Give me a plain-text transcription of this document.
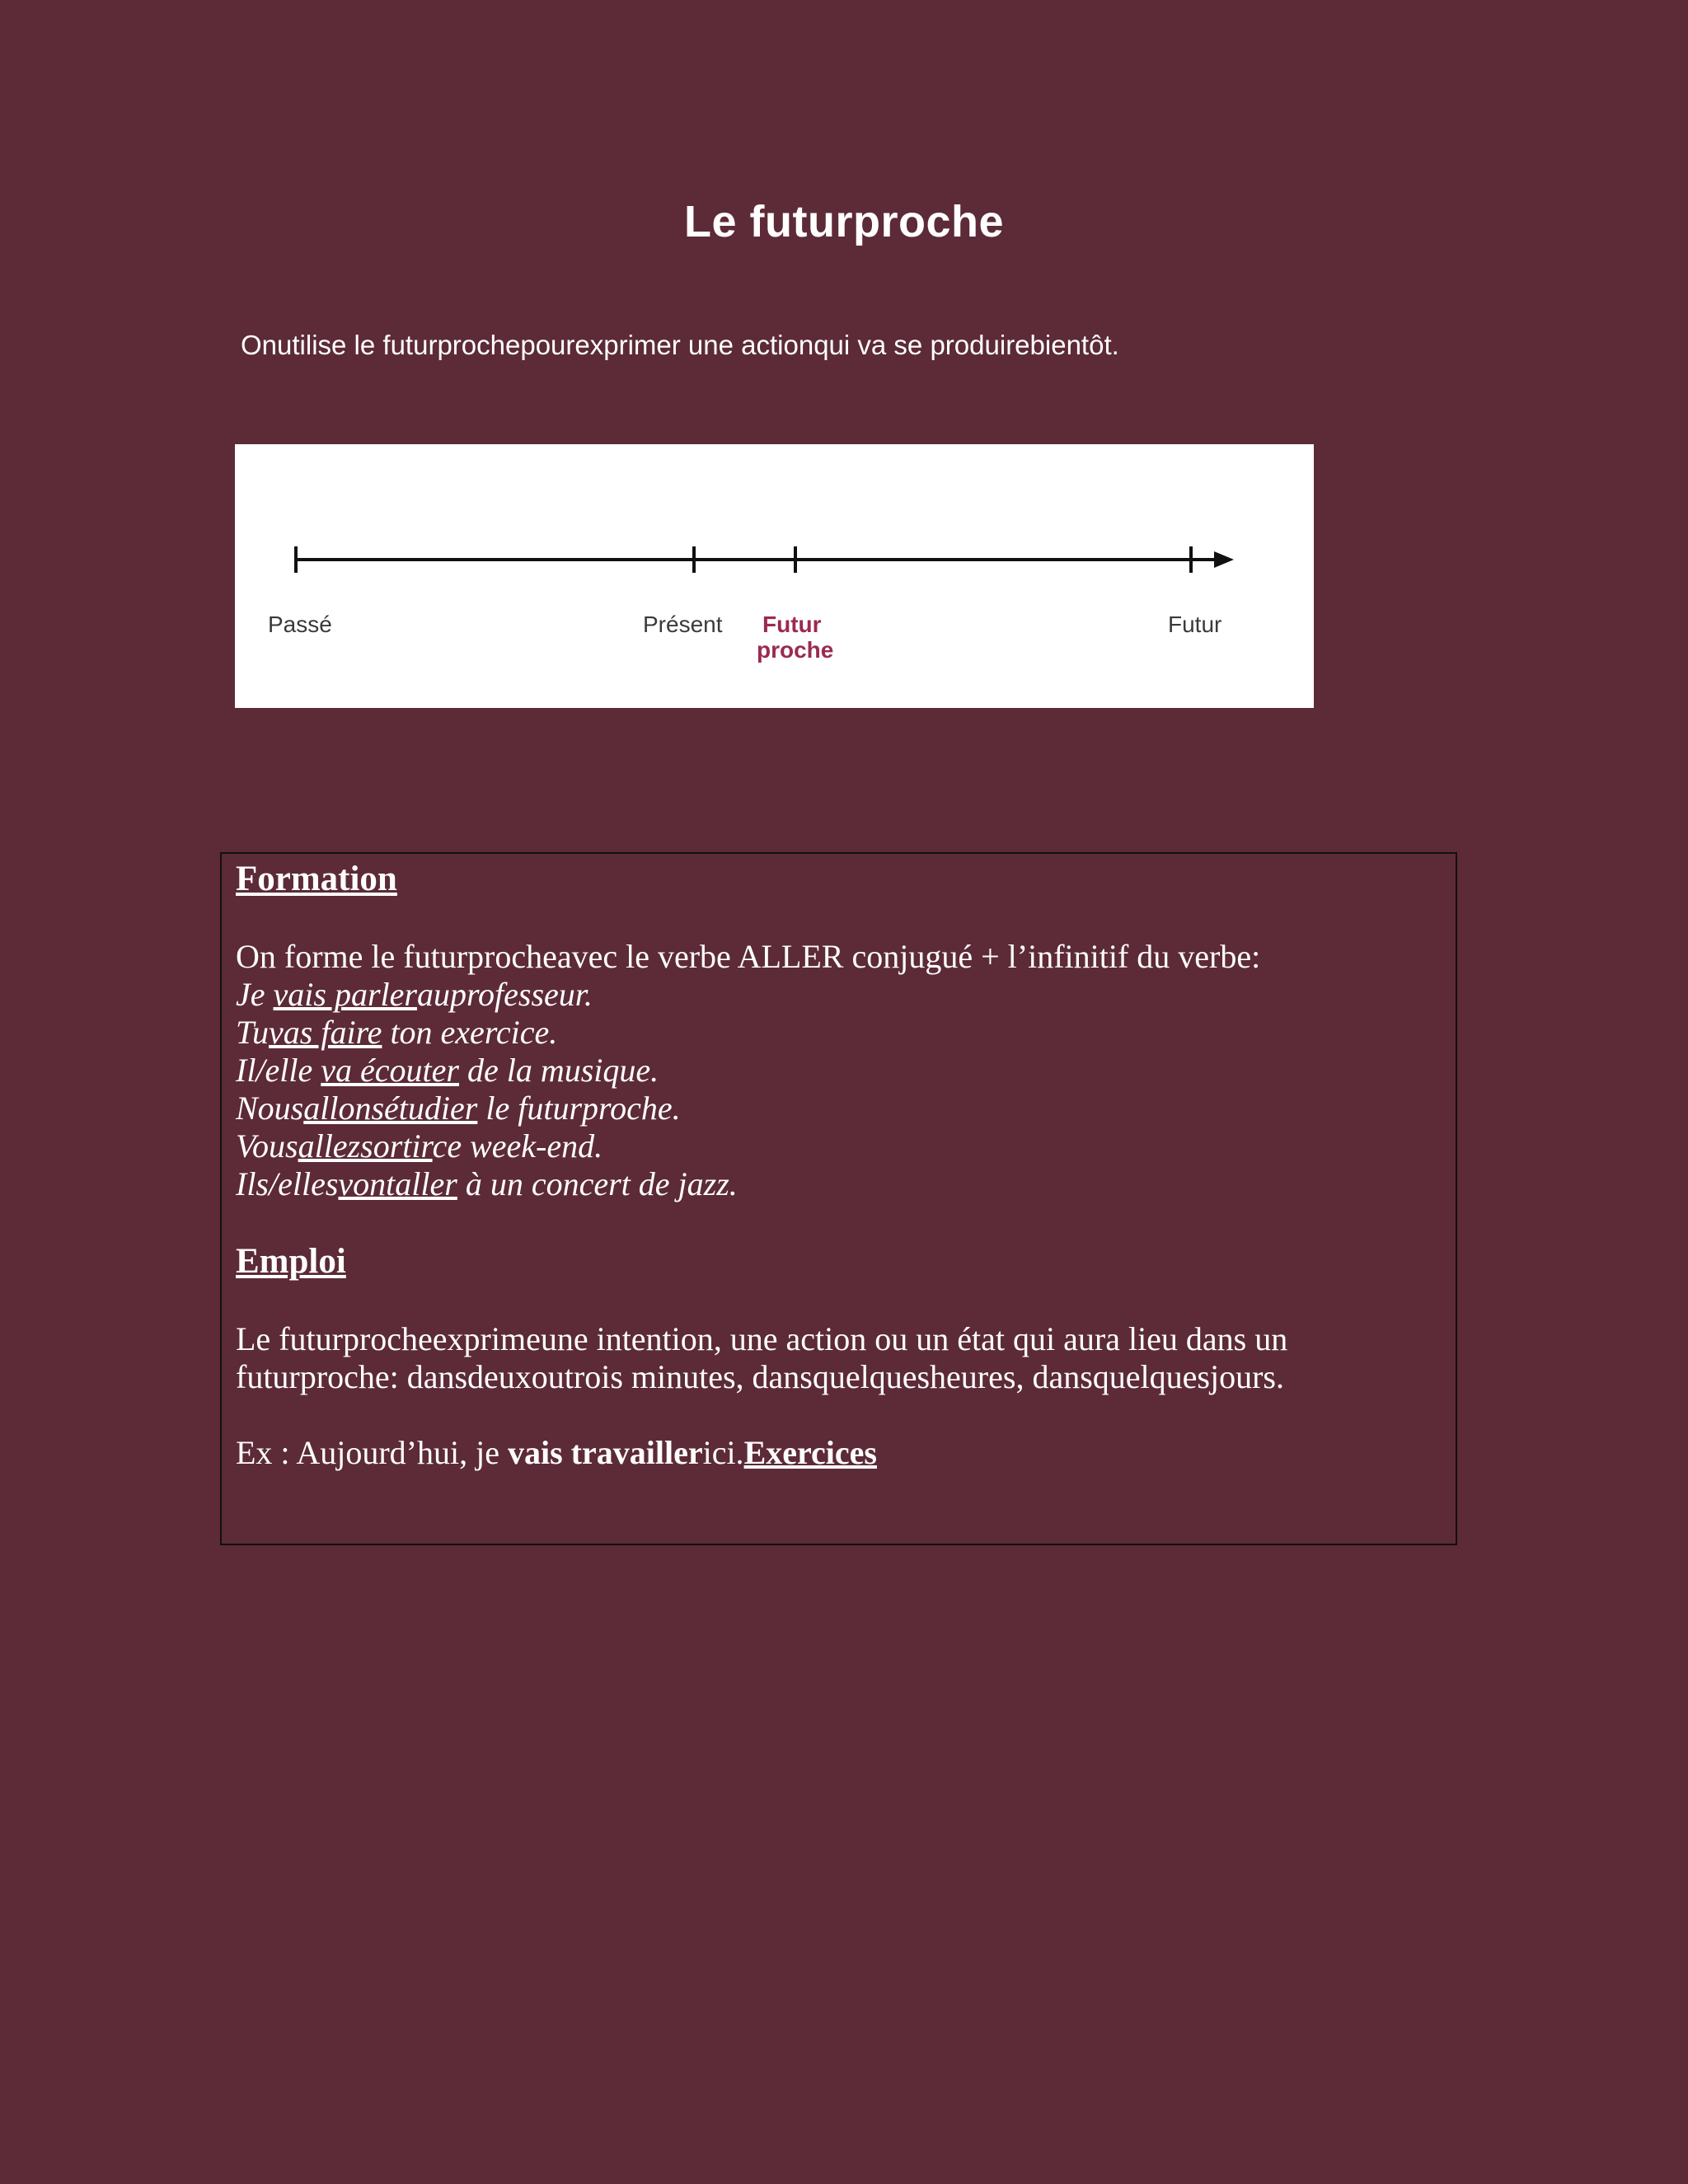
Le futurproche
Onutilise le futurprochepourexprimer une actionqui va se produirebientôt.
Passé	Présent Futur
proche
Futur
Formation
On forme le futurprocheavec le verbe ALLER conjugué + l’infinitif du verbe:
Je vais parlerauprofesseur.
Tuvas faire ton exercice.
Il/elle va écouter de la musique.
Nousallonsétudier le futurproche.
Vousallezsortirce week-end.
Ils/ellesvontaller à un concert de jazz.
Emploi
Le futurprocheexprimeune intention, une action ou un état qui aura lieu dans un
futurproche: dansdeuxoutrois minutes, dansquelquesheures, dansquelquesjours.
Ex : Aujourd’hui, je vais travaillerici.Exercices
